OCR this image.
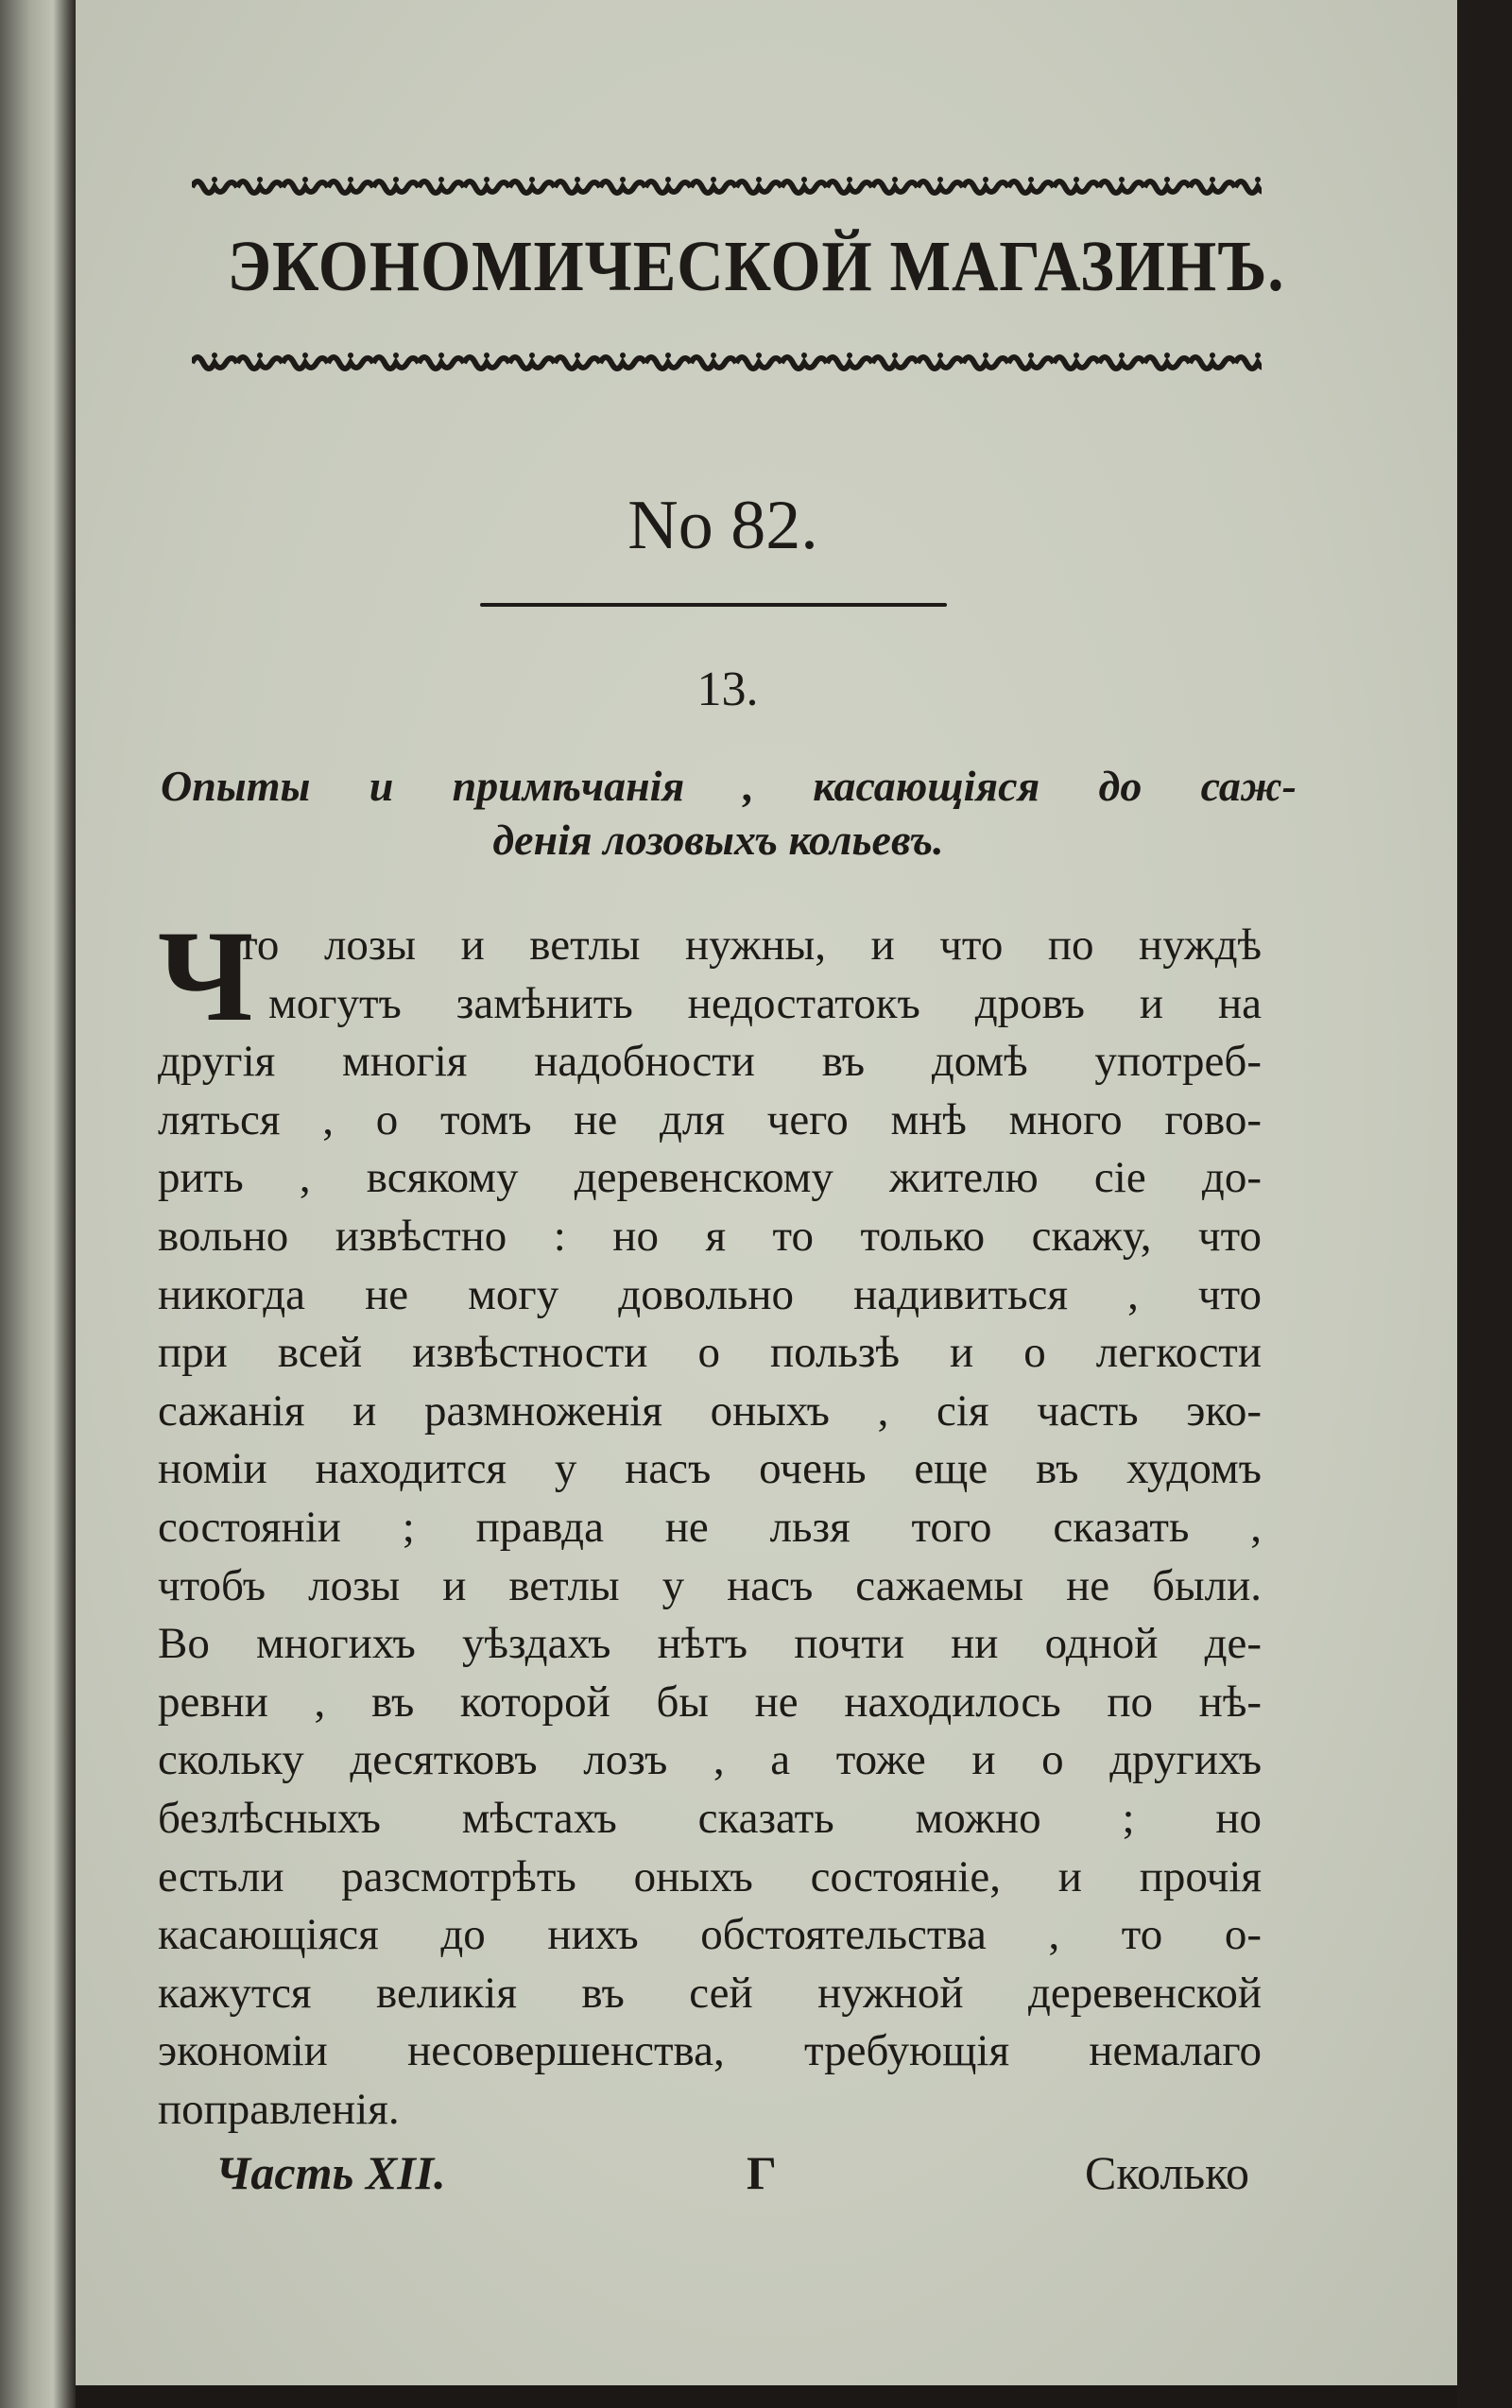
ЭКОНОМИЧЕСКОЙ МАГАЗИНЪ.
No 82.
13.
Опыты и примѣчанія , касающіяся до саж-
денія лозовыхъ кольевъ.
Ч
то лозы и ветлы нужны, и что по нуждѣ
могутъ замѣнить недостатокъ дровъ и на
другія многія надобности въ домѣ употреб-
ляться , о томъ не для чего мнѣ много гово-
рить , всякому деревенскому жителю сіе до-
вольно извѣстно : но я то только скажу, что
никогда не могу довольно надивиться , что
при всей извѣстности о пользѣ и о легкости
сажанія и размноженія оныхъ , сія часть эко-
номіи находится у насъ очень еще въ худомъ
состояніи ; правда не льзя того сказать ,
чтобъ лозы и ветлы у насъ сажаемы не были.
Во многихъ уѣздахъ нѣтъ почти ни одной де-
ревни , въ которой бы не находилось по нѣ-
скольку десятковъ лозъ , а тоже и о другихъ
безлѣсныхъ мѣстахъ сказать можно ; но
естьли разсмотрѣть оныхъ состояніе, и прочія
касающіяся до нихъ обстоятельства , то о-
кажутся великія въ сей нужной деревенской
экономіи несовершенства, требующія немалаго
поправленія.
Часть XII.	Г	Сколько
